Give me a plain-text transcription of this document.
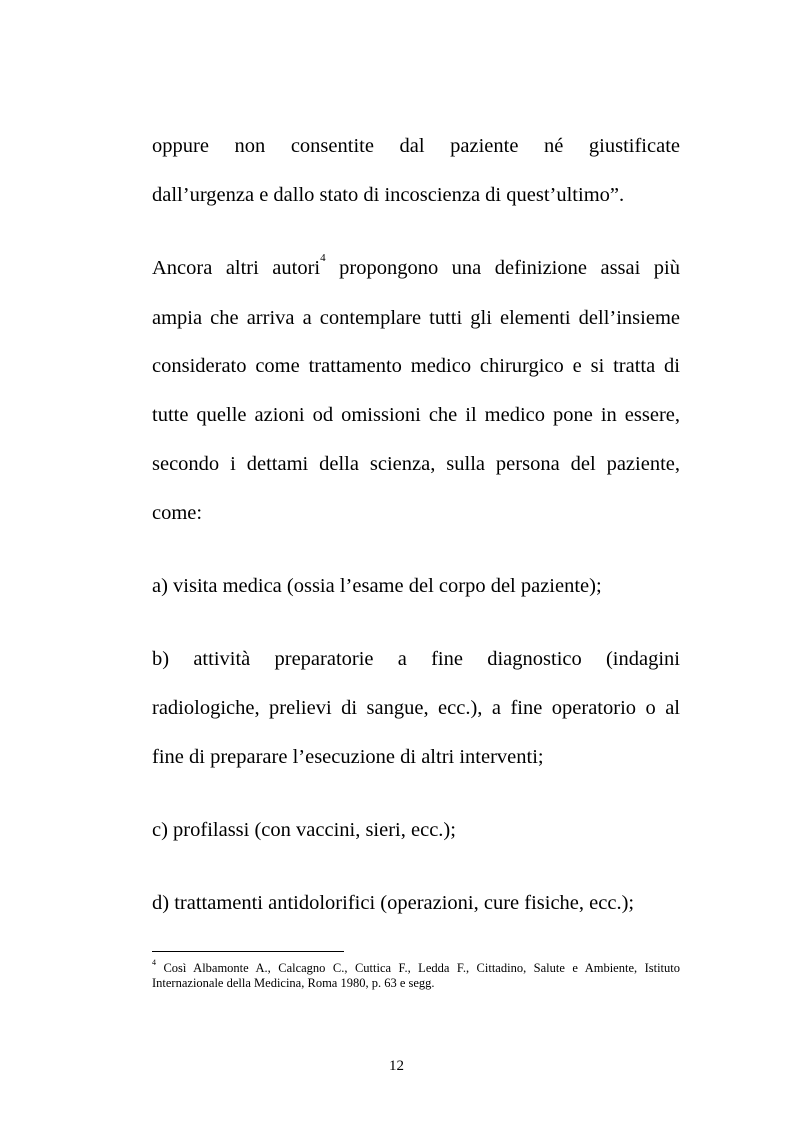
oppure non consentite dal paziente né giustificate
dall’urgenza e dallo stato di incoscienza di quest’ultimo”.
Ancora altri autori$^4$ propongono una definizione assai più
ampia che arriva a contemplare tutti gli elementi dell’insieme
considerato come trattamento medico chirurgico e si tratta di
tutte quelle azioni od omissioni che il medico pone in essere,
secondo i dettami della scienza, sulla persona del paziente,
come:
a) visita medica (ossia l’esame del corpo del paziente);
b) attività preparatorie a fine diagnostico (indagini
radiologiche, prelievi di sangue, ecc.), a fine operatorio o al
fine di preparare l’esecuzione di altri interventi;
c) profilassi (con vaccini, sieri, ecc.);
d) trattamenti antidolorifici (operazioni, cure fisiche, ecc.);
$^4$ Così Albamonte A., Calcagno C., Cuttica F., Ledda F., Cittadino, Salute e Ambiente, Istituto
Internazionale della Medicina, Roma 1980, p. 63 e segg.
12
